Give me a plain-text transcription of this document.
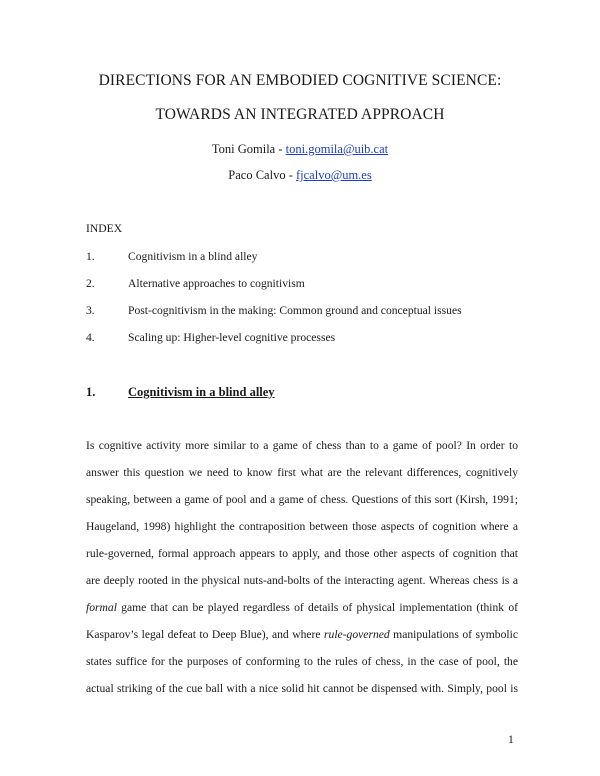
DIRECTIONS FOR AN EMBODIED COGNITIVE SCIENCE:
TOWARDS AN INTEGRATED APPROACH
Toni Gomila - toni.gomila@uib.cat
Paco Calvo - fjcalvo@um.es
INDEX
1.	Cognitivism in a blind alley
2.	Alternative approaches to cognitivism
3.	Post-cognitivism in the making: Common ground and conceptual issues
4.	Scaling up: Higher-level cognitive processes
1.	Cognitivism in a blind alley
Is cognitive activity more similar to a game of chess than to a game of pool? In order to
answer this question we need to know first what are the relevant differences, cognitively
speaking, between a game of pool and a game of chess. Questions of this sort (Kirsh, 1991;
Haugeland, 1998) highlight the contraposition between those aspects of cognition where a
rule-governed, formal approach appears to apply, and those other aspects of cognition that
are deeply rooted in the physical nuts-and-bolts of the interacting agent. Whereas chess is a
formal game that can be played regardless of details of physical implementation (think of
Kasparov’s legal defeat to Deep Blue), and where rule-governed manipulations of symbolic
states suffice for the purposes of conforming to the rules of chess, in the case of pool, the
actual striking of the cue ball with a nice solid hit cannot be dispensed with. Simply, pool is
1
